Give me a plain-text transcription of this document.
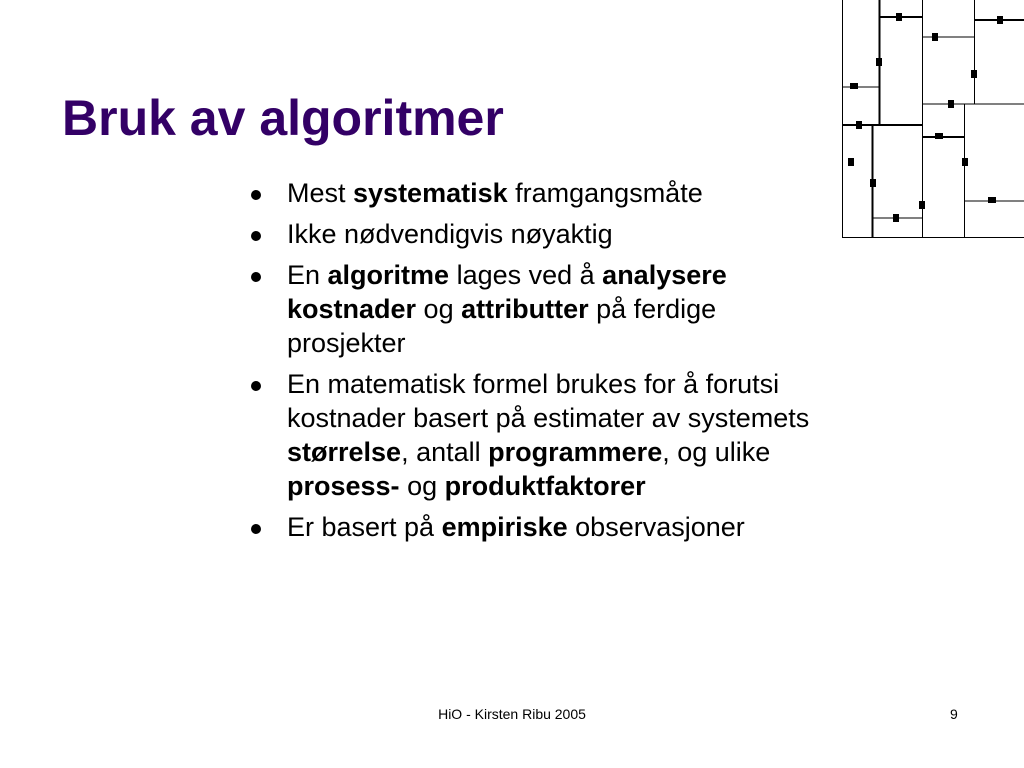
Bruk av algoritmer
Mest systematisk framgangsmåte
Ikke nødvendigvis nøyaktig
En algoritme lages ved å analysere kostnader og attributter på ferdige prosjekter
En matematisk formel brukes for å forutsi kostnader basert på estimater av systemets størrelse, antall programmere, og ulike prosess- og produktfaktorer
Er basert på empiriske observasjoner
HiO - Kirsten Ribu 2005	9
